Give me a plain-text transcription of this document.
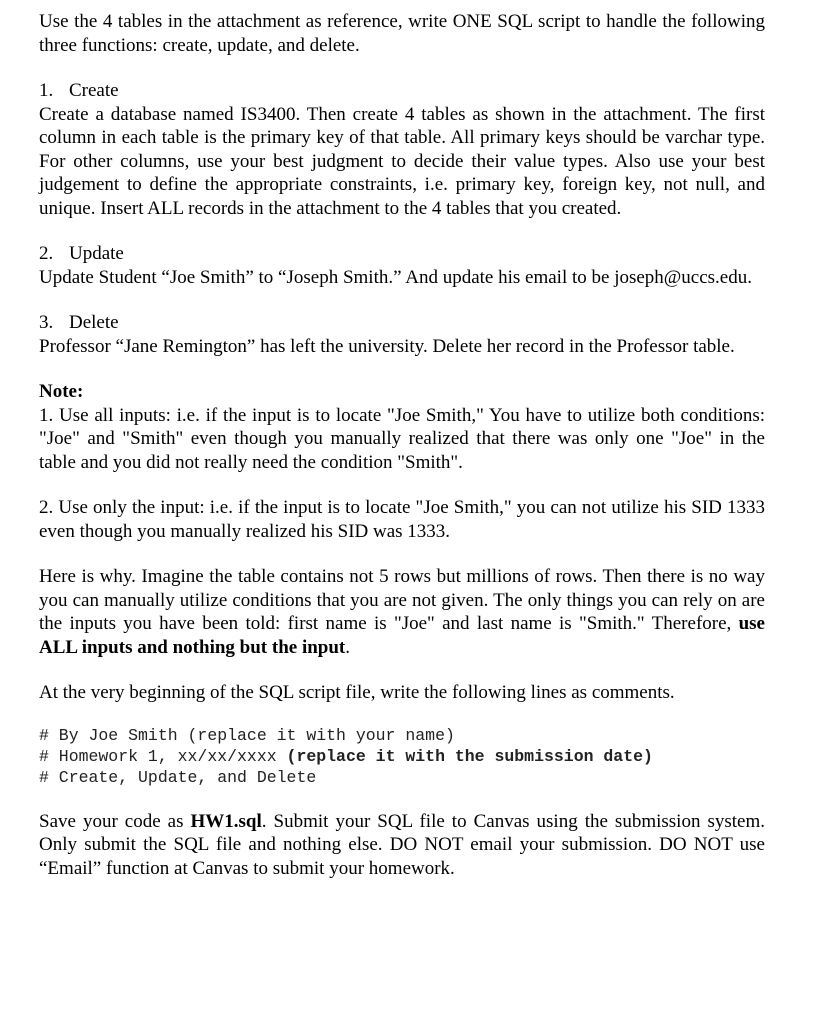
Use the 4 tables in the attachment as reference, write ONE SQL script to handle the following three functions: create, update, and delete.

1. Create

Create a database named IS3400. Then create 4 tables as shown in the attachment. The first column in each table is the primary key of that table. All primary keys should be varchar type. For other columns, use your best judgment to decide their value types. Also use your best judgement to define the appropriate constraints, i.e. primary key, foreign key, not null, and unique. Insert ALL records in the attachment to the 4 tables that you created.

2. Update

Update Student “Joe Smith” to “Joseph Smith.” And update his email to be joseph@uccs.edu.

3. Delete

Professor “Jane Remington” has left the university. Delete her record in the Professor table.

Note:

1. Use all inputs: i.e. if the input is to locate "Joe Smith," You have to utilize both conditions: "Joe" and "Smith" even though you manually realized that there was only one "Joe" in the table and you did not really need the condition "Smith".

2. Use only the input: i.e. if the input is to locate "Joe Smith," you can not utilize his SID 1333 even though you manually realized his SID was 1333.

Here is why. Imagine the table contains not 5 rows but millions of rows. Then there is no way you can manually utilize conditions that you are not given. The only things you can rely on are the inputs you have been told: first name is "Joe" and last name is "Smith." Therefore, use ALL inputs and nothing but the input.

At the very beginning of the SQL script file, write the following lines as comments.

# By Joe Smith (replace it with your name)
# Homework 1, xx/xx/xxxx (replace it with the submission date)
# Create, Update, and Delete

Save your code as HW1.sql. Submit your SQL file to Canvas using the submission system. Only submit the SQL file and nothing else. DO NOT email your submission. DO NOT use “Email” function at Canvas to submit your homework.
